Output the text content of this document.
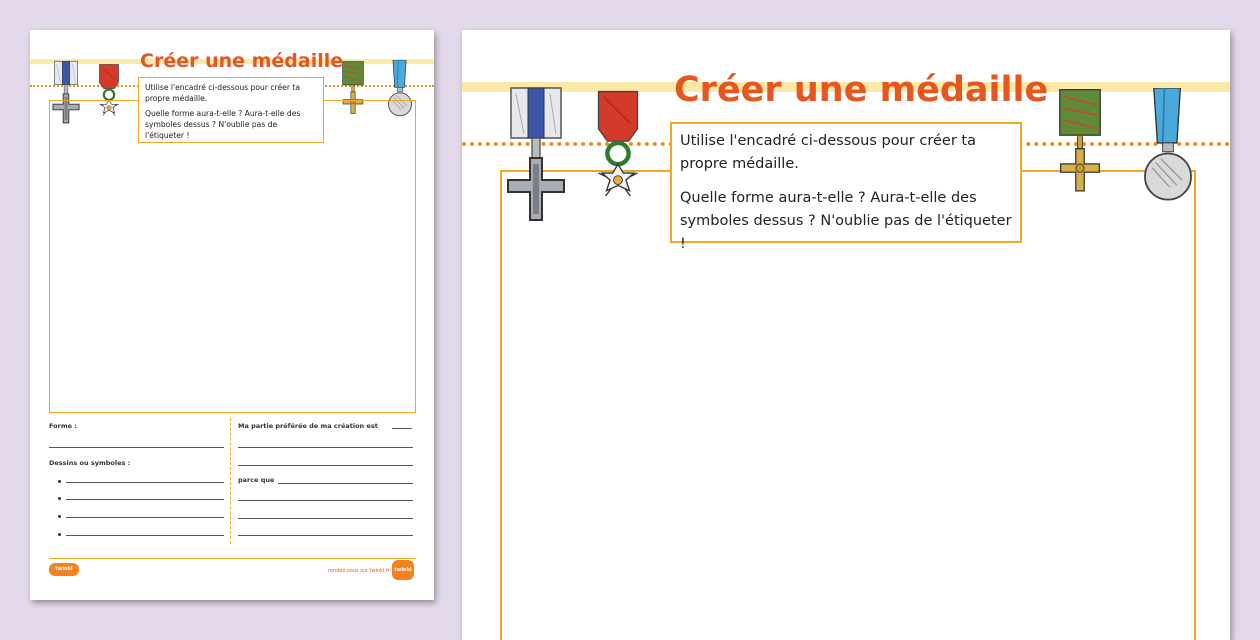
Créer une médaille

Utilise l'encadré ci-dessous pour créer ta propre médaille.

Quelle forme aura-t-elle ? Aura-t-elle des symboles dessus ? N'oublie pas de l'étiqueter !

Forme :
Dessins ou symboles :
Ma partie préférée de ma création est
parce que
twinkl	rendez-vous sur twinkl.fr twinkl
Créer une médaille

Utilise l'encadré ci-dessous pour créer ta propre médaille.

Quelle forme aura-t-elle ? Aura-t-elle des symboles dessus ? N'oublie pas de l'étiqueter !
